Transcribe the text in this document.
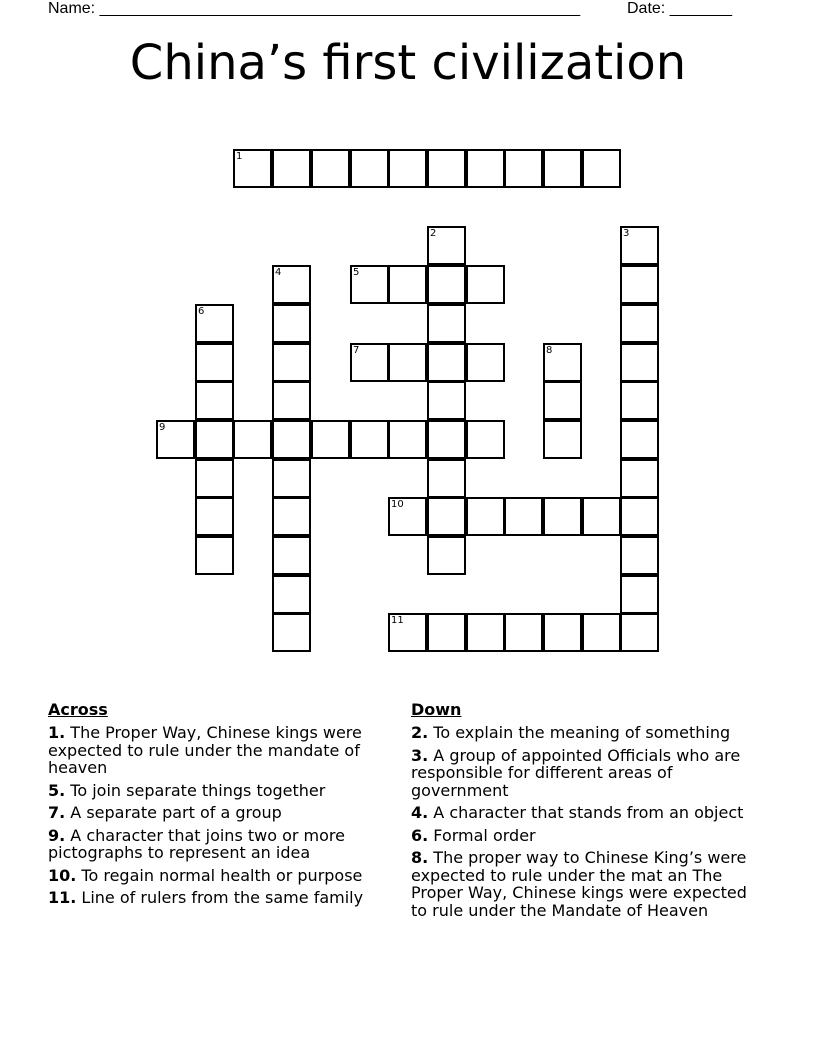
Name: ______________________________________________________	Date: _______
China’s first civilization
1
2	3
4	5
6
7	8
9
10
11
Across
1. The Proper Way, Chinese kings were expected to rule under the mandate of heaven
5. To join separate things together
7. A separate part of a group
9. A character that joins two or more pictographs to represent an idea
10. To regain normal health or purpose
11. Line of rulers from the same family
Down
2. To explain the meaning of something
3. A group of appointed Officials who are responsible for different areas of government
4. A character that stands from an object
6. Formal order
8. The proper way to Chinese King’s were expected to rule under the mat an The Proper Way, Chinese kings were expected to rule under the Mandate of Heaven
